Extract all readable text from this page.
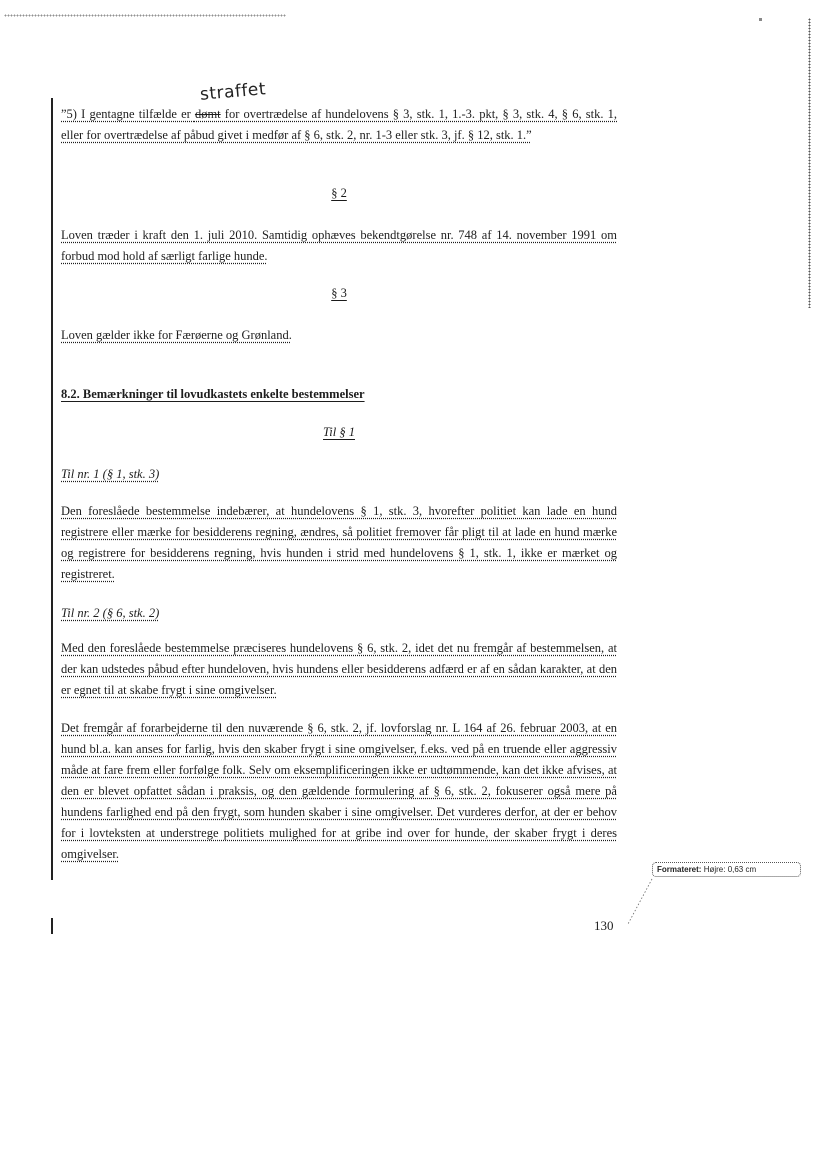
straffet

”5) I gentagne tilfælde er dømt for overtrædelse af hundelovens § 3, stk. 1, 1.-3. pkt, § 3, stk. 4, § 6, stk. 1, eller for overtrædelse af påbud givet i medfør af § 6, stk. 2, nr. 1-3 eller stk. 3, jf. § 12, stk. 1.”

§ 2

Loven træder i kraft den 1. juli 2010. Samtidig ophæves bekendtgørelse nr. 748 af 14. november 1991 om forbud mod hold af særligt farlige hunde.

§ 3

Loven gælder ikke for Færøerne og Grønland.

8.2. Bemærkninger til lovudkastets enkelte bestemmelser
Til § 1
Til nr. 1 (§ 1, stk. 3)

Den foreslåede bestemmelse indebærer, at hundelovens § 1, stk. 3, hvorefter politiet kan lade en hund registrere eller mærke for besidderens regning, ændres, så politiet fremover får pligt til at lade en hund mærke og registrere for besidderens regning, hvis hunden i strid med hundelovens § 1, stk. 1, ikke er mærket og registreret.

Til nr. 2 (§ 6, stk. 2)

Med den foreslåede bestemmelse præciseres hundelovens § 6, stk. 2, idet det nu fremgår af bestemmelsen, at der kan udstedes påbud efter hundeloven, hvis hundens eller besidderens adfærd er af en sådan karakter, at den er egnet til at skabe frygt i sine omgivelser.

Det fremgår af forarbejderne til den nuværende § 6, stk. 2, jf. lovforslag nr. L 164 af 26. februar 2003, at en hund bl.a. kan anses for farlig, hvis den skaber frygt i sine omgivelser, f.eks. ved på en truende eller aggressiv måde at fare frem eller forfølge folk. Selv om eksemplificeringen ikke er udtømmende, kan det ikke afvises, at den er blevet opfattet sådan i praksis, og den gældende formulering af § 6, stk. 2, fokuserer også mere på hundens farlighed end på den frygt, som hunden skaber i sine omgivelser. Det vurderes derfor, at der er behov for i lovteksten at understrege politiets mulighed for at gribe ind over for hunde, der skaber frygt i deres omgivelser.

Formateret: Højre: 0,63 cm
130
